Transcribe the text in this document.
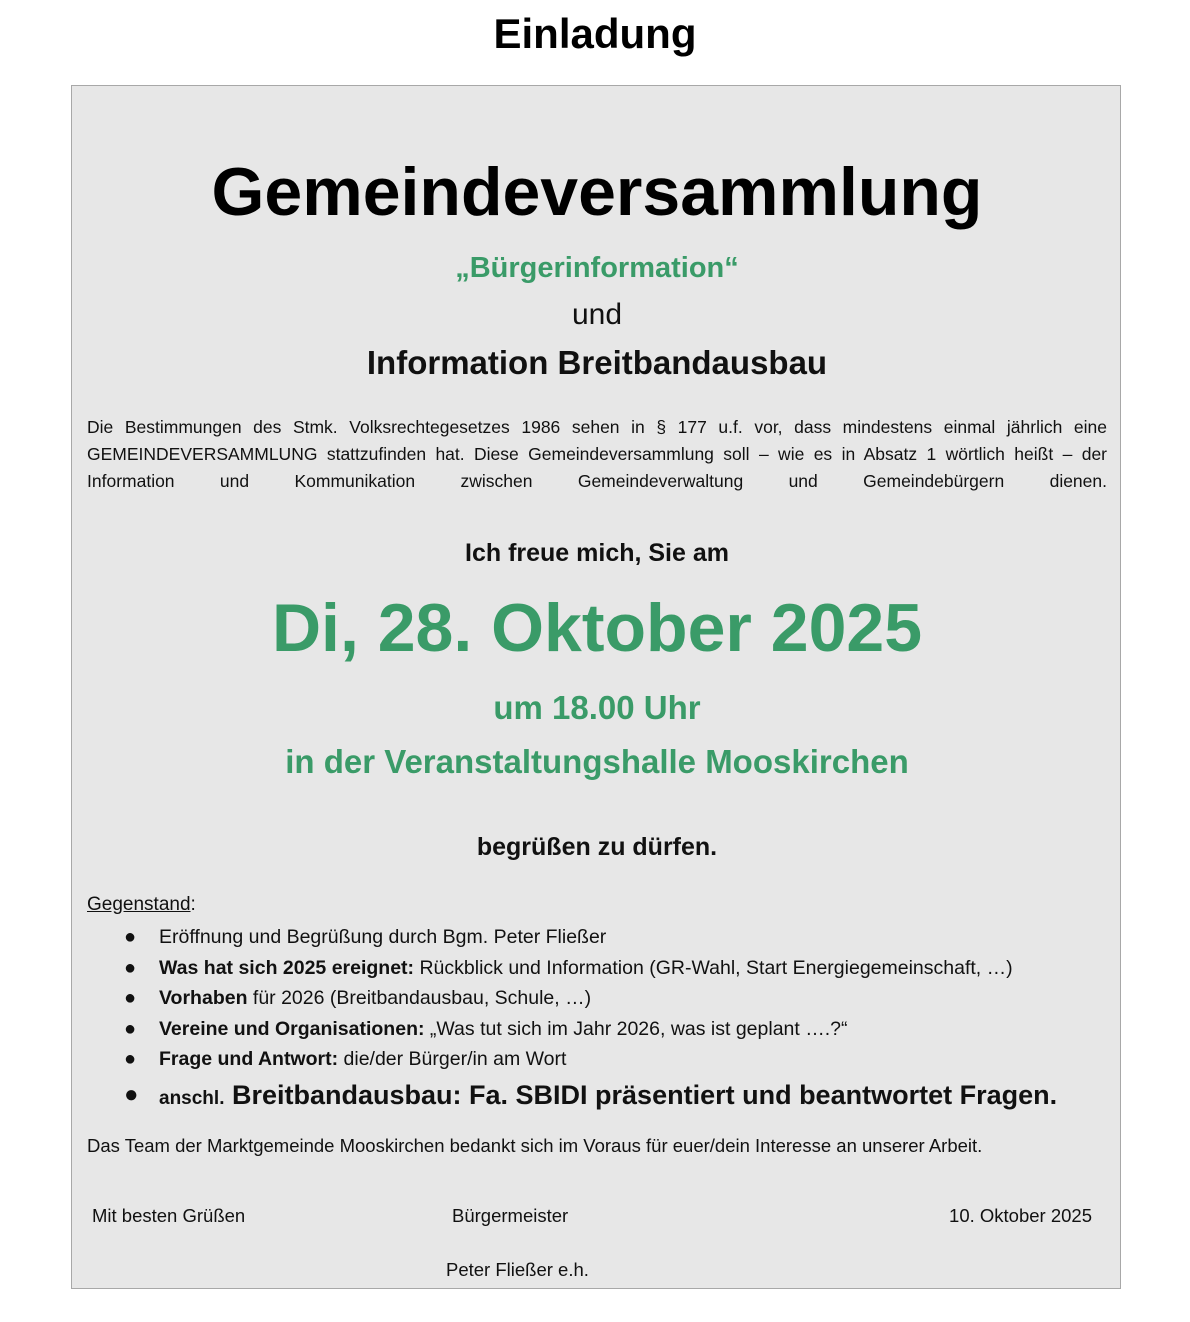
Einladung
Gemeindeversammlung
„Bürgerinformation“
und
Information Breitbandausbau
Die Bestimmungen des Stmk. Volksrechtegesetzes 1986 sehen in § 177 u.f. vor, dass mindestens einmal jährlich eine GEMEINDEVERSAMMLUNG stattzufinden hat. Diese Gemeindeversammlung soll – wie es in Absatz 1 wörtlich heißt – der Information und Kommunikation zwischen Gemeindeverwaltung und Gemeindebürgern dienen.
Ich freue mich, Sie am
Di, 28. Oktober 2025
um 18.00 Uhr
in der Veranstaltungshalle Mooskirchen
begrüßen zu dürfen.
Gegenstand:
● Eröffnung und Begrüßung durch Bgm. Peter Fließer
● Was hat sich 2025 ereignet: Rückblick und Information (GR-Wahl, Start Energiegemeinschaft, …)
● Vorhaben für 2026 (Breitbandausbau, Schule, …)
● Vereine und Organisationen: „Was tut sich im Jahr 2026, was ist geplant ….?“
● Frage und Antwort: die/der Bürger/in am Wort
● anschl. Breitbandausbau: Fa. SBIDI präsentiert und beantwortet Fragen.
Das Team der Marktgemeinde Mooskirchen bedankt sich im Voraus für euer/dein Interesse an unserer Arbeit.
Mit besten Grüßen	Bürgermeister	10. Oktober 2025
Peter Fließer e.h.
